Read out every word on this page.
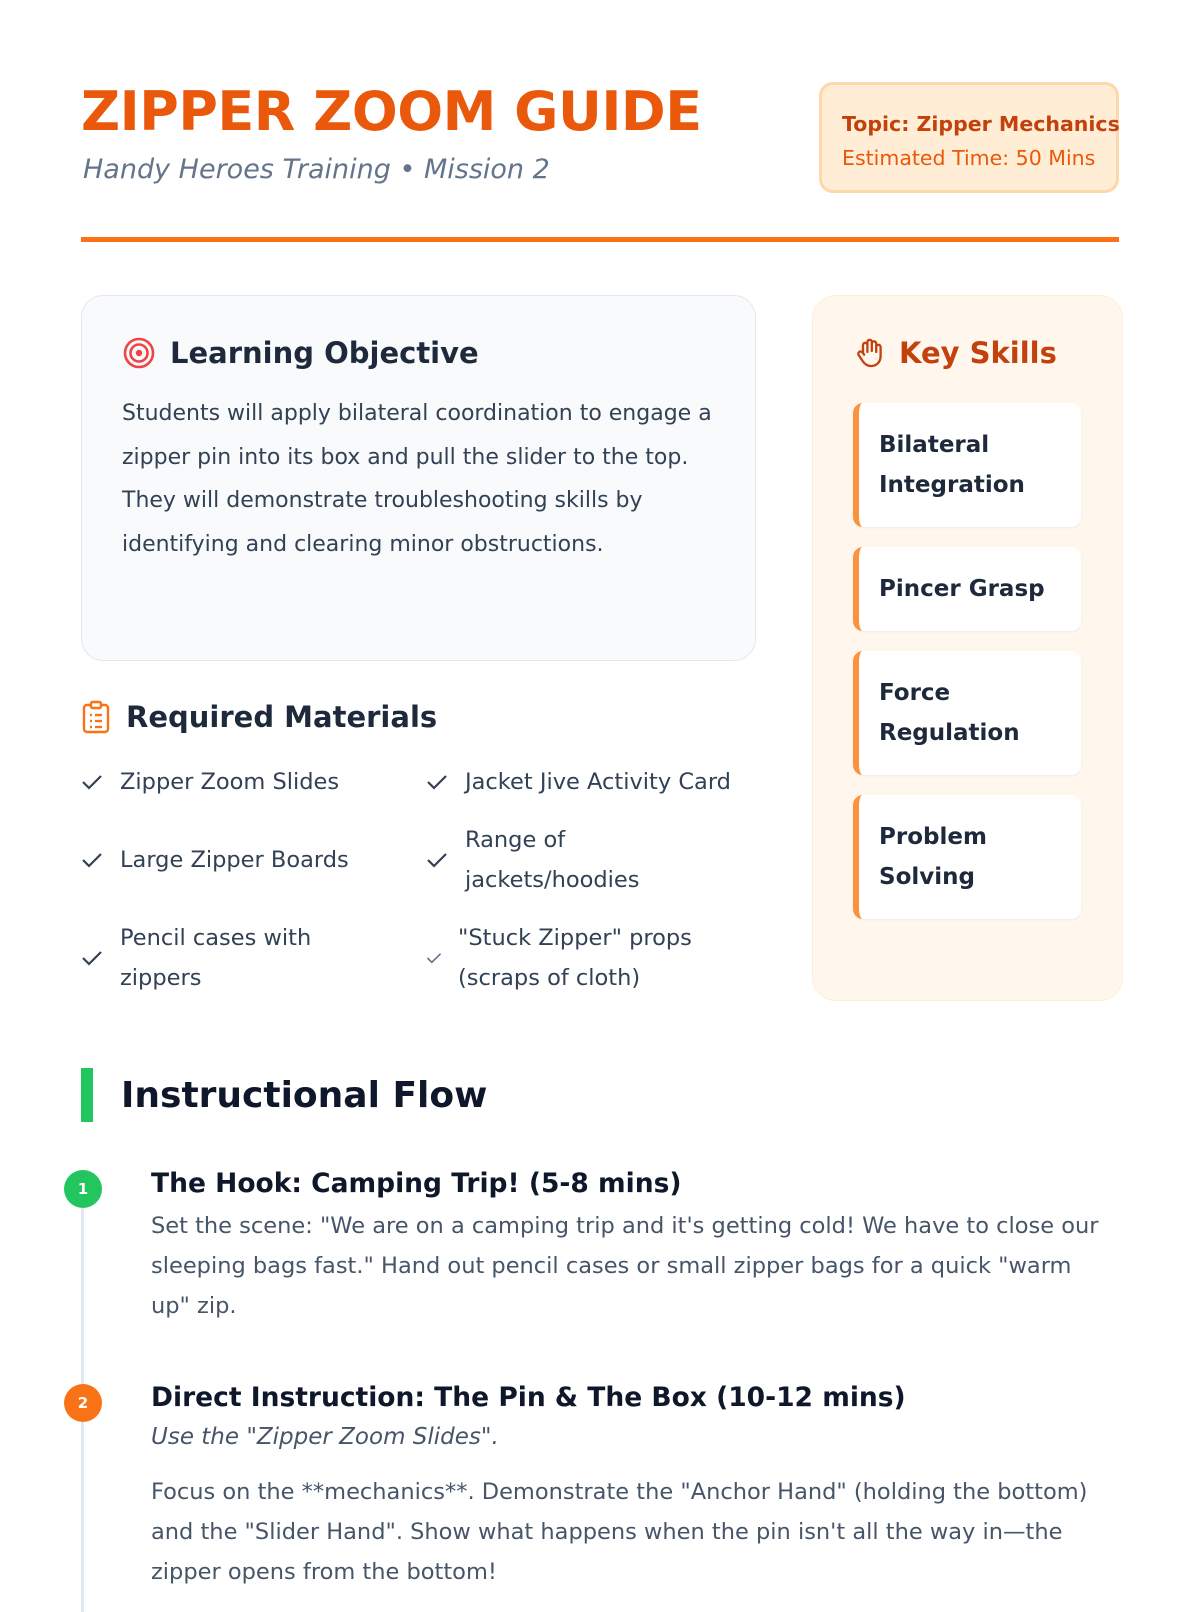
ZIPPER ZOOM GUIDE
Handy Heroes Training • Mission 2
Topic: Zipper Mechanics
Estimated Time: 50 Mins
Learning Objective

Students will apply bilateral coordination to engage a zipper pin into its box and pull the slider to the top. They will demonstrate troubleshooting skills by identifying and clearing minor obstructions.

Required Materials
Zipper Zoom Slides	Jacket Jive Activity Card
Large Zipper Boards
Range of jackets/hoodies
Pencil cases with zippers
"Stuck Zipper" props (scraps of cloth)
Key Skills
Bilateral Integration
Pincer Grasp
Force Regulation
Problem Solving
Instructional Flow
1	The Hook: Camping Trip! (5-8 mins)
Set the scene: "We are on a camping trip and it's getting cold! We have to close our sleeping bags fast." Hand out pencil cases or small zipper bags for a quick "warm up" zip.
2	Direct Instruction: The Pin & The Box (10-12 mins)
Use the "Zipper Zoom Slides".
Focus on the **mechanics**. Demonstrate the "Anchor Hand" (holding the bottom) and the "Slider Hand". Show what happens when the pin isn't all the way in—the zipper opens from the bottom!
